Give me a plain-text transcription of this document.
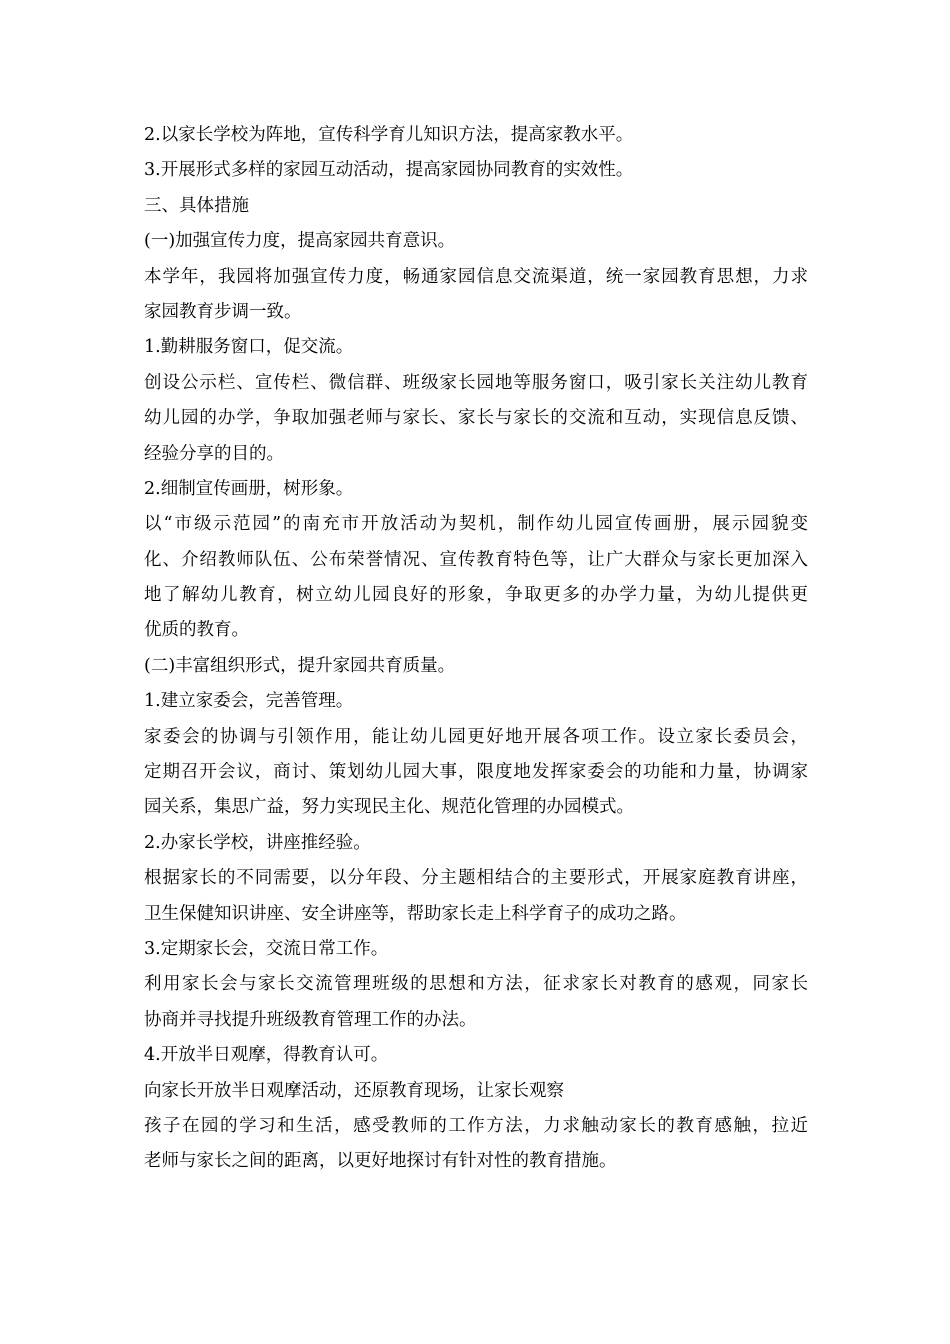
2.以家长学校为阵地，宣传科学育儿知识方法，提高家教水平。
3.开展形式多样的家园互动活动，提高家园协同教育的实效性。
三、具体措施
(一)加强宣传力度，提高家园共育意识。
本学年，我园将加强宣传力度，畅通家园信息交流渠道，统一家园教育思想，力求
家园教育步调一致。
1.勤耕服务窗口，促交流。
创设公示栏、宣传栏、微信群、班级家长园地等服务窗口，吸引家长关注幼儿教育
幼儿园的办学，争取加强老师与家长、家长与家长的交流和互动，实现信息反馈、
经验分享的目的。
2.细制宣传画册，树形象。
以“市级示范园”的南充市开放活动为契机，制作幼儿园宣传画册，展示园貌变
化、介绍教师队伍、公布荣誉情况、宣传教育特色等，让广大群众与家长更加深入
地了解幼儿教育，树立幼儿园良好的形象，争取更多的办学力量，为幼儿提供更
优质的教育。
(二)丰富组织形式，提升家园共育质量。
1.建立家委会，完善管理。
家委会的协调与引领作用，能让幼儿园更好地开展各项工作。设立家长委员会，
定期召开会议，商讨、策划幼儿园大事，限度地发挥家委会的功能和力量，协调家
园关系，集思广益，努力实现民主化、规范化管理的办园模式。
2.办家长学校，讲座推经验。
根据家长的不同需要，以分年段、分主题相结合的主要形式，开展家庭教育讲座，
卫生保健知识讲座、安全讲座等，帮助家长走上科学育子的成功之路。
3.定期家长会，交流日常工作。
利用家长会与家长交流管理班级的思想和方法，征求家长对教育的感观，同家长
协商并寻找提升班级教育管理工作的办法。
4.开放半日观摩，得教育认可。
向家长开放半日观摩活动，还原教育现场，让家长观察
孩子在园的学习和生活，感受教师的工作方法，力求触动家长的教育感触，拉近
老师与家长之间的距离，以更好地探讨有针对性的教育措施。
